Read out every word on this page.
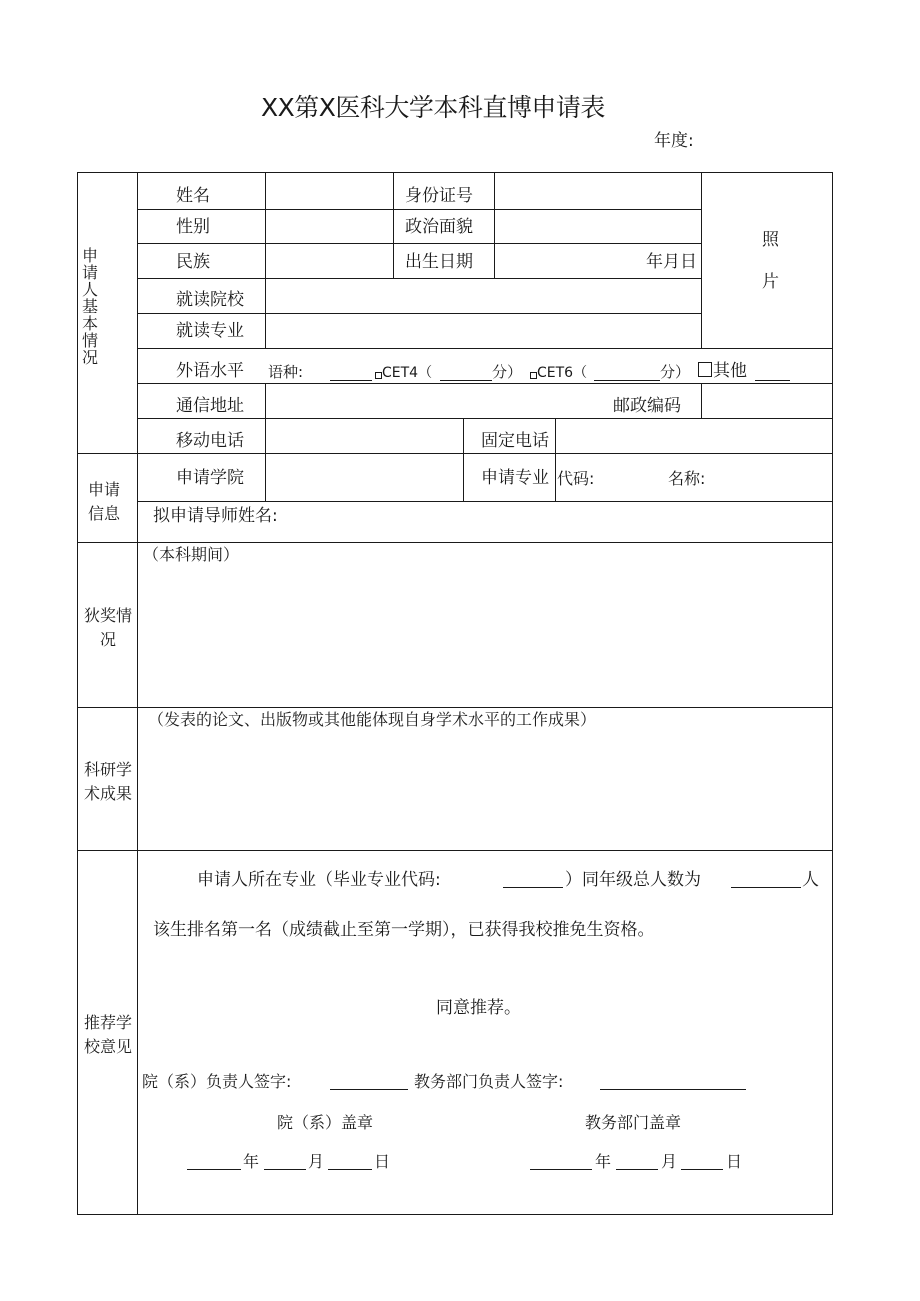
XX第X医科大学本科直博申请表
年度:
申请人基本情况
姓名	身份证号
性别	政治面貌
民族	出生日期	年月日
照
片
就读院校
就读专业
外语水平 语种:	CET4（	分） CET6（	分） 其他
通信地址	邮政编码
移动电话	固定电话
申请信息
申请学院	申请专业 代码:	名称:
拟申请导师姓名:
狄奖情况
（本科期间）
科研学术成果
（发表的论文、出版物或其他能体现自身学术水平的工作成果）
推荐学校意见
申请人所在专业（毕业专业代码:	）同年级总人数为	人
该生排名第一名（成绩截止至第一学期），已获得我校推免生资格。
同意推荐。
院（系）负责人签字:	教务部门负责人签字:
院（系）盖章	教务部门盖章
年	月	日	年	月	日
